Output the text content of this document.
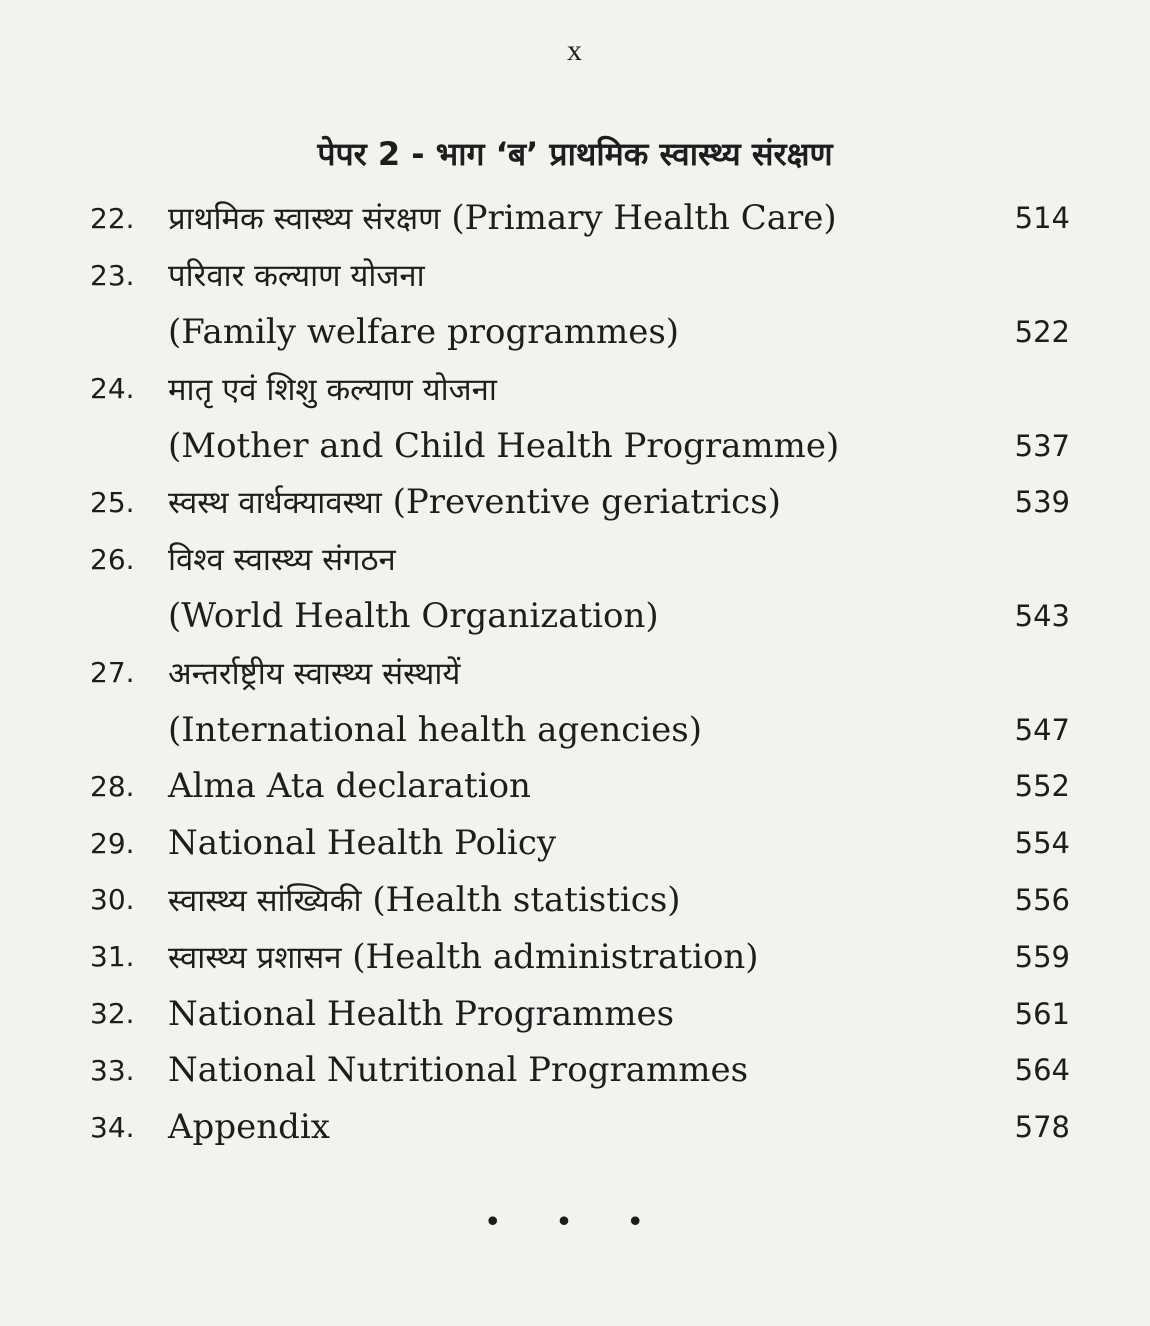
x
पेपर 2 - भाग ‘ब’ प्राथमिक स्वास्थ्य संरक्षण
22.	प्राथमिक स्वास्थ्य संरक्षण (Primary Health Care)	514
23.	परिवार कल्याण योजना
(Family welfare programmes)	522
24.	मातृ एवं शिशु कल्याण योजना
(Mother and Child Health Programme)	537
25.	स्वस्थ वार्धक्यावस्था (Preventive geriatrics)	539
26.	विश्व स्वास्थ्य संगठन
(World Health Organization)	543
27.	अन्तर्राष्ट्रीय स्वास्थ्य संस्थायें
(International health agencies)	547
28. Alma Ata declaration	552
29. National Health Policy	554
30.	स्वास्थ्य सांख्यिकी (Health statistics)	556
31.	स्वास्थ्य प्रशासन (Health administration)	559
32. National Health Programmes	561
33. National Nutritional Programmes	564
34. Appendix	578
• • •
